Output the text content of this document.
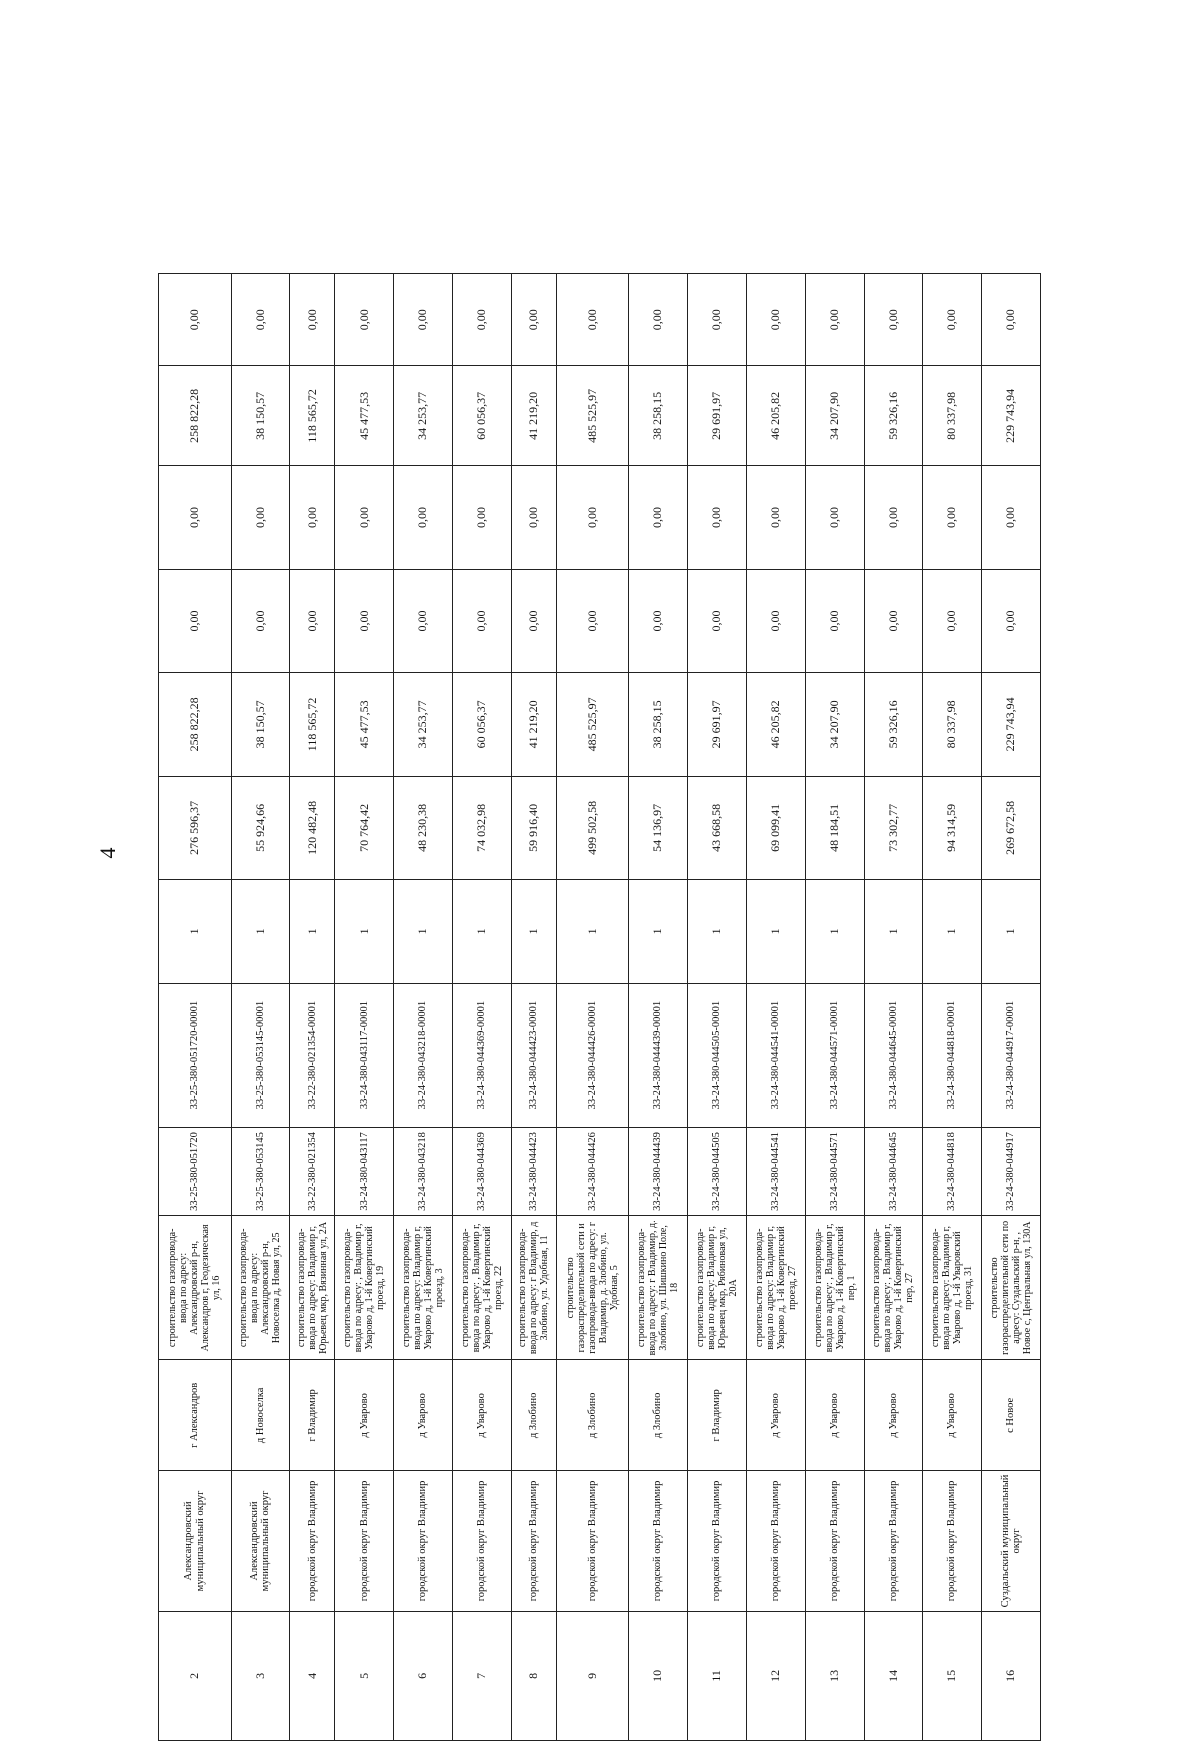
4
2	Александровский муниципальный округ	г Александров	строительство газопровода-ввода по адресу: Александровский р-н, Александров г, Геодезическая ул, 16	33-25-380-051720	33-25-380-051720-00001	1	276 596,37	258 822,28	0,00	0,00	258 822,28	0,00
3	Александровский муниципальный округ	д Новоселка	строительство газопровода-ввода по адресу: Александровский р-н, Новоселка д, Новая ул, 25	33-25-380-053145	33-25-380-053145-00001	1	55 924,66	38 150,57	0,00	0,00	38 150,57	0,00
4	городской округ Владимир	г Владимир	строительство газопровода-ввода по адресу: Владимир г, Юрьевец мкр, Вязинная ул, 2А	33-22-380-021354	33-22-380-021354-00001	1	120 482,48	118 565,72	0,00	0,00	118 565,72	0,00
5	городской округ Владимир	д Уварово	строительство газопровода-ввода по адресу: , Владимир г, Уварово д, 1-й Ковергинский проезд, 19	33-24-380-043117	33-24-380-043117-00001	1	70 764,42	45 477,53	0,00	0,00	45 477,53	0,00
6	городской округ Владимир	д Уварово	строительство газопровода-ввода по адресу: Владимир г, Уварово д, 1-й Ковергинский проезд, 3	33-24-380-043218	33-24-380-043218-00001	1	48 230,38	34 253,77	0,00	0,00	34 253,77	0,00
7	городской округ Владимир	д Уварово	строительство газопровода-ввода по адресу: , Владимир г, Уварово д, 1-й Ковергинский проезд, 22	33-24-380-044369	33-24-380-044369-00001	1	74 032,98	60 056,37	0,00	0,00	60 056,37	0,00
8	городской округ Владимир	д Злобино	строительство газопровода-ввода по адресу: г Владимир, д Злобино, ул. Удобная, 11	33-24-380-044423	33-24-380-044423-00001	1	59 916,40	41 219,20	0,00	0,00	41 219,20	0,00
9	городской округ Владимир	д Злобино	строительство газораспределительной сети и газопровода-ввода по адресу: г Владимир, д. Злобино, ул. Удобная, 5	33-24-380-044426	33-24-380-044426-00001	1	499 502,58	485 525,97	0,00	0,00	485 525,97	0,00
10	городской округ Владимир	д Злобино	строительство газопровода-ввода по адресу: г Владимир, д. Злобино, ул. Шишкино Поле, 18	33-24-380-044439	33-24-380-044439-00001	1	54 136,97	38 258,15	0,00	0,00	38 258,15	0,00
11	городской округ Владимир	г Владимир	строительство газопровода-ввода по адресу: Владимир г, Юрьевец мкр, Рябиновая ул, 20А	33-24-380-044505	33-24-380-044505-00001	1	43 668,58	29 691,97	0,00	0,00	29 691,97	0,00
12	городской округ Владимир	д Уварово	строительство газопровода-ввода по адресу: Владимир г, Уварово д, 1-й Ковергинский проезд, 27	33-24-380-044541	33-24-380-044541-00001	1	69 099,41	46 205,82	0,00	0,00	46 205,82	0,00
13	городской округ Владимир	д Уварово	строительство газопровода-ввода по адресу: , Владимир г, Уварово д, 1-й Ковергинский пер, 1	33-24-380-044571	33-24-380-044571-00001	1	48 184,51	34 207,90	0,00	0,00	34 207,90	0,00
14	городской округ Владимир	д Уварово	строительство газопровода-ввода по адресу: , Владимир г, Уварово д, 1-й Ковергинский пер, 27	33-24-380-044645	33-24-380-044645-00001	1	73 302,77	59 326,16	0,00	0,00	59 326,16	0,00
15	городской округ Владимир	д Уварово	строительство газопровода-ввода по адресу: Владимир г, Уварово д, 1-й Уваровский проезд, 31	33-24-380-044818	33-24-380-044818-00001	1	94 314,59	80 337,98	0,00	0,00	80 337,98	0,00
16	Суздальский муниципальный округ	с Новое	строительство газораспределительной сети по адресу: Суздальский р-н, , Новое с, Центральная ул, 130А	33-24-380-044917	33-24-380-044917-00001	1	269 672,58	229 743,94	0,00	0,00	229 743,94	0,00
